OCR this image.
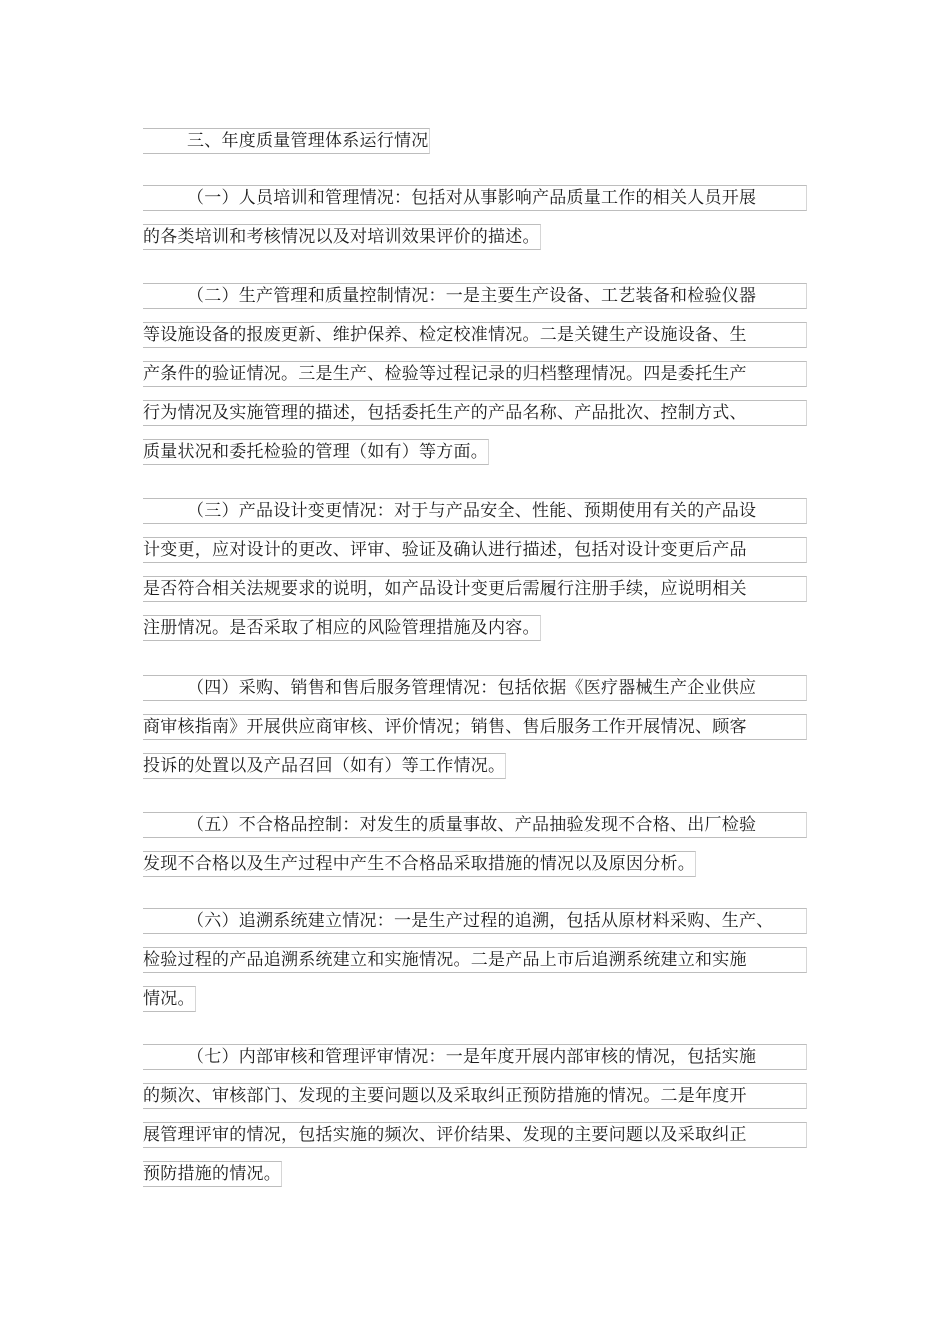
三、年度质量管理体系运行情况
（一）人员培训和管理情况：包括对从事影响产品质量工作的相关人员开展
的各类培训和考核情况以及对培训效果评价的描述。
（二）生产管理和质量控制情况：一是主要生产设备、工艺装备和检验仪器
等设施设备的报废更新、维护保养、检定校准情况。二是关键生产设施设备、生
产条件的验证情况。三是生产、检验等过程记录的归档整理情况。四是委托生产
行为情况及实施管理的描述，包括委托生产的产品名称、产品批次、控制方式、
质量状况和委托检验的管理（如有）等方面。
（三）产品设计变更情况：对于与产品安全、性能、预期使用有关的产品设
计变更，应对设计的更改、评审、验证及确认进行描述，包括对设计变更后产品
是否符合相关法规要求的说明，如产品设计变更后需履行注册手续，应说明相关
注册情况。是否采取了相应的风险管理措施及内容。
（四）采购、销售和售后服务管理情况：包括依据《医疗器械生产企业供应
商审核指南》开展供应商审核、评价情况；销售、售后服务工作开展情况、顾客
投诉的处置以及产品召回（如有）等工作情况。
（五）不合格品控制：对发生的质量事故、产品抽验发现不合格、出厂检验
发现不合格以及生产过程中产生不合格品采取措施的情况以及原因分析。
（六）追溯系统建立情况：一是生产过程的追溯，包括从原材料采购、生产、
检验过程的产品追溯系统建立和实施情况。二是产品上市后追溯系统建立和实施
情况。
（七）内部审核和管理评审情况：一是年度开展内部审核的情况，包括实施
的频次、审核部门、发现的主要问题以及采取纠正预防措施的情况。二是年度开
展管理评审的情况，包括实施的频次、评价结果、发现的主要问题以及采取纠正
预防措施的情况。
